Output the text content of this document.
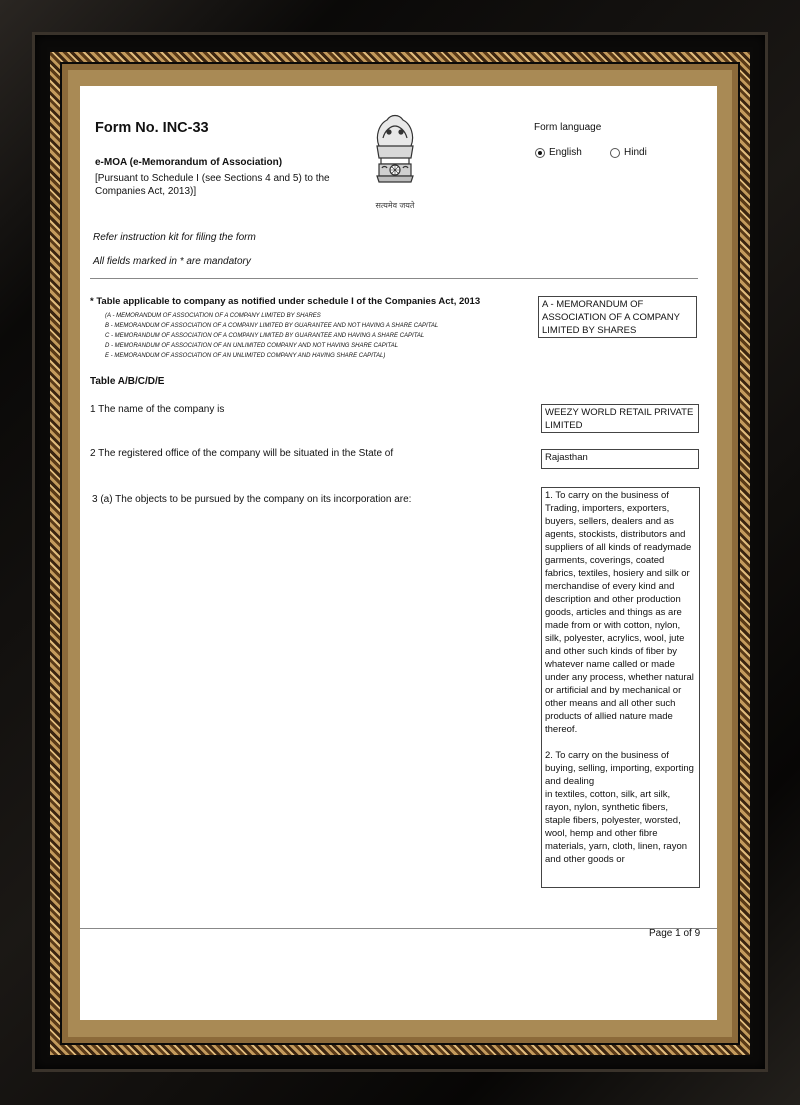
Form No. INC-33
e-MOA (e-Memorandum of Association)
[Pursuant to Schedule I (see Sections 4 and 5) to the Companies Act, 2013)]
सत्यमेव जयते
Form language
English	Hindi
Refer instruction kit for filing the form
All fields marked in * are mandatory
* Table applicable to company as notified under schedule I of the Companies Act, 2013
(A - MEMORANDUM OF ASSOCIATION OF A COMPANY LIMITED BY SHARES
B - MEMORANDUM OF ASSOCIATION OF A COMPANY LIMITED BY GUARANTEE AND NOT HAVING A SHARE CAPITAL
C - MEMORANDUM OF ASSOCIATION OF A COMPANY LIMITED BY GUARANTEE AND HAVING A SHARE CAPITAL
D - MEMORANDUM OF ASSOCIATION OF AN UNLIMITED COMPANY AND NOT HAVING SHARE CAPITAL
E - MEMORANDUM OF ASSOCIATION OF AN UNLIMITED COMPANY AND HAVING SHARE CAPITAL)
A - MEMORANDUM OF ASSOCIATION OF A COMPANY LIMITED BY SHARES
Table A/B/C/D/E
1 The name of the company is	WEEZY WORLD RETAIL PRIVATE LIMITED
2 The registered office of the company will be situated in the State of	Rajasthan
3 (a) The objects to be pursued by the company on its incorporation are:	1. To carry on the business of Trading, importers, exporters, buyers, sellers, dealers and as agents, stockists, distributors and suppliers of all kinds of readymade garments, coverings, coated fabrics, textiles, hosiery and silk or merchandise of every kind and description and other production goods, articles and things as are made from or with cotton, nylon, silk, polyester, acrylics, wool, jute and other such kinds of fiber by whatever name called or made under any process, whether natural or artificial and by mechanical or other means and all other such products of allied nature made thereof.

2. To carry on the business of buying, selling, importing, exporting and dealing
in textiles, cotton, silk, art silk, rayon, nylon, synthetic fibers, staple fibers, polyester, worsted, wool, hemp and other fibre materials, yarn, cloth, linen, rayon and other goods or
Page 1 of 9
